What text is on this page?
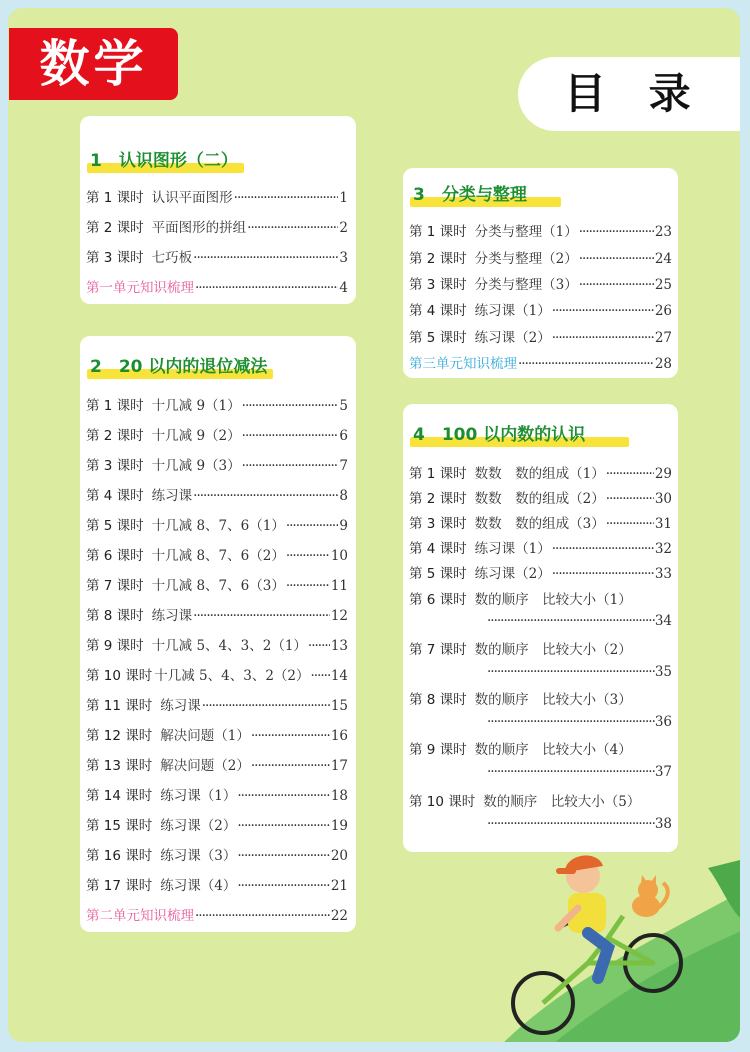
数学
目 录
1　认识图形（二）
第 1 课时 认识平面图形 ·····	1
第 2 课时 平面图形的拼组 ·····	2
第 3 课时 七巧板 ·····	3
第一单元知识梳理 ·····	4
2　20 以内的退位减法
第 1 课时 十几减 9（1） ·····	5
第 2 课时 十几减 9（2） ·····	6
第 3 课时 十几减 9（3） ·····	7
第 4 课时 练习课 ·····	8
第 5 课时 十几减 8、7、6（1） ·····	9
第 6 课时 十几减 8、7、6（2） ·····	10
第 7 课时 十几减 8、7、6（3） ·····	11
第 8 课时 练习课 ·····	12
第 9 课时 十几减 5、4、3、2（1） ····· 13
第 10 课时 十几减 5、4、3、2（2） ····· 14
第 11 课时 练习课 ·····	15
第 12 课时 解决问题（1） ·····	16
第 13 课时 解决问题（2） ·····	17
第 14 课时 练习课（1） ·····	18
第 15 课时 练习课（2） ·····	19
第 16 课时 练习课（3） ·····	20
第 17 课时 练习课（4） ·····	21
第二单元知识梳理 ·····	22
3　分类与整理
第 1 课时 分类与整理（1） ·····	23
第 2 课时 分类与整理（2） ·····	24
第 3 课时 分类与整理（3） ·····	25
第 4 课时 练习课（1） ·····	26
第 5 课时 练习课（2） ·····	27
第三单元知识梳理 ·····	28
4　100 以内数的认识
第 1 课时 数数　数的组成（1） ·····	29
第 2 课时 数数　数的组成（2） ·····	30
第 3 课时 数数　数的组成（3） ·····	31
第 4 课时 练习课（1） ·····	32
第 5 课时 练习课（2） ·····	33
第 6 课时 数的顺序　比较大小（1）
·····
34
第 7 课时 数的顺序　比较大小（2）
·····
35
第 8 课时 数的顺序　比较大小（3）
·····
36
第 9 课时 数的顺序　比较大小（4）
·····
37
第 10 课时 数的顺序　比较大小（5）
·····
38
